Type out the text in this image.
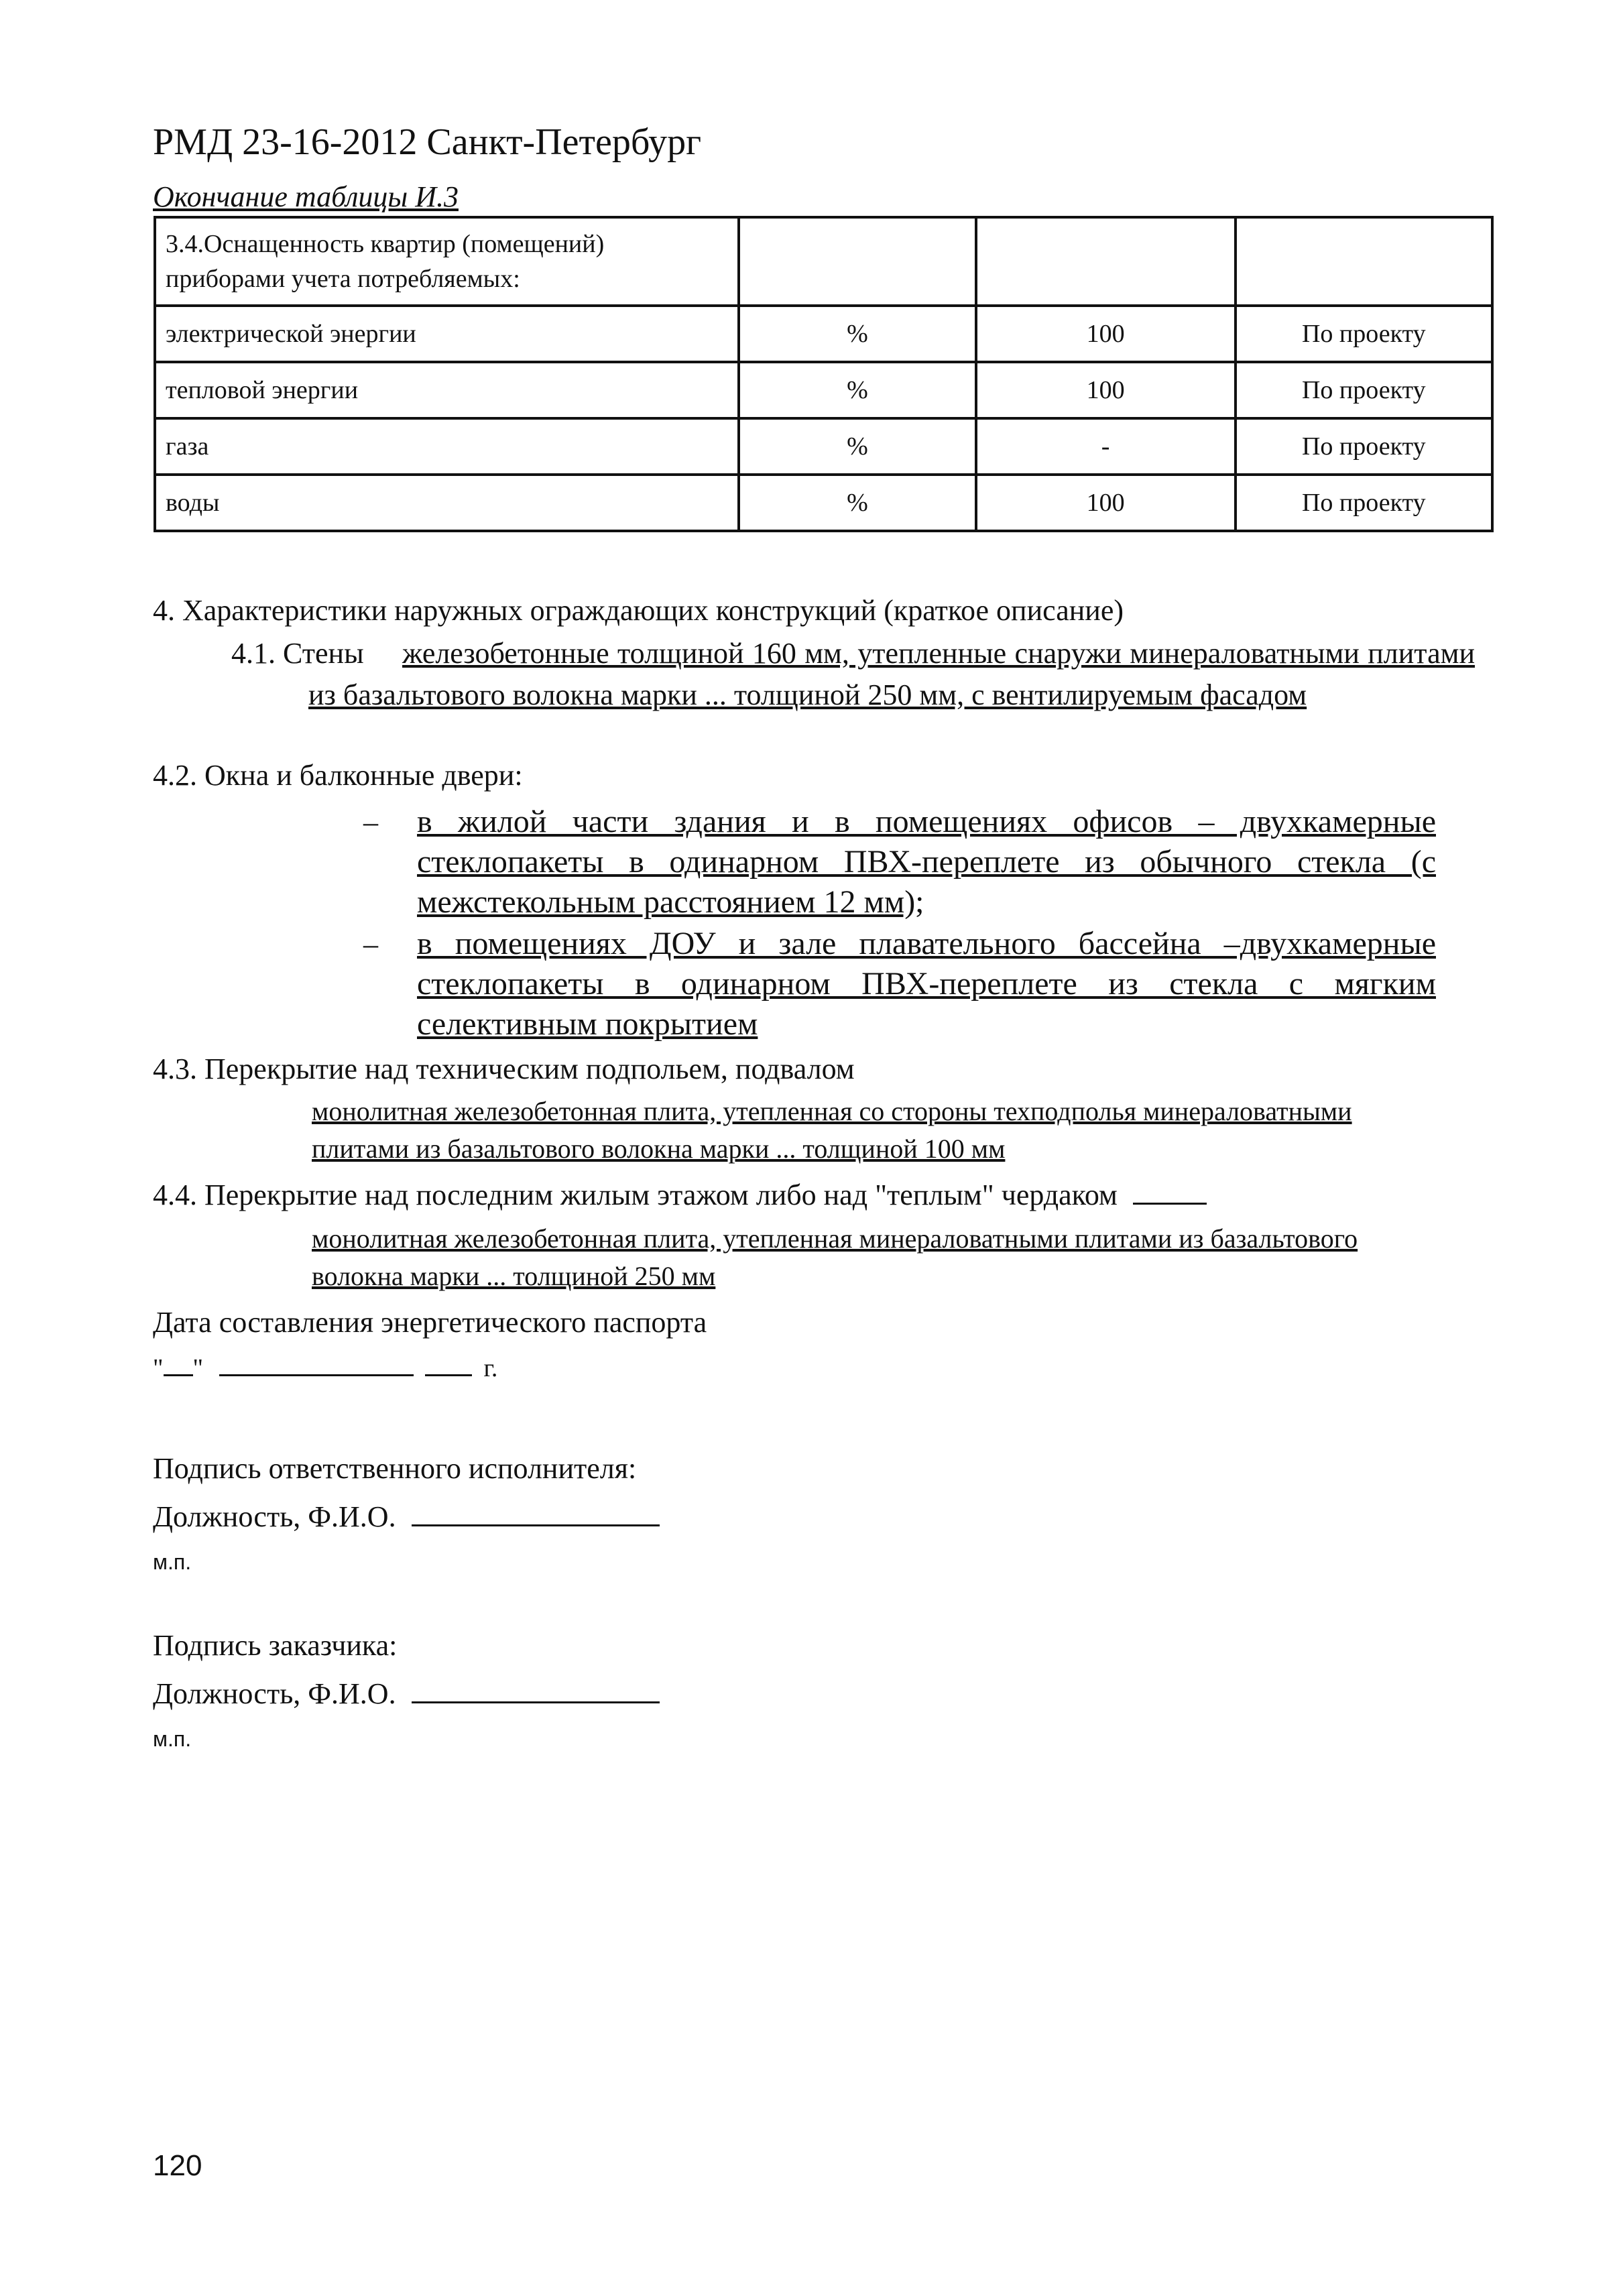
РМД 23-16-2012 Санкт-Петербург
Окончание таблицы И.3
3.4.Оснащенность квартир (помещений) приборами учета потребляемых:			
электрической энергии	%	100	По проекту
тепловой энергии	%	100	По проекту
газа	%	-	По проекту
воды	%	100	По проекту
4. Характеристики наружных ограждающих конструкций (краткое описание)
4.1. Стены	железобетонные толщиной 160 мм, утепленные снаружи минераловатными плитами из базальтового волокна марки ... толщиной 250 мм, с вентилируемым фасадом
4.2. Окна и балконные двери:
– в жилой части здания и в помещениях офисов – двухкамерные стеклопакеты в одинарном ПВХ-переплете из обычного стекла (с межстекольным расстоянием 12 мм);
– в помещениях ДОУ и зале плавательного бассейна –двухкамерные стеклопакеты в одинарном ПВХ-переплете из стекла с мягким селективным покрытием
4.3. Перекрытие над техническим подпольем, подвалом
монолитная железобетонная плита, утепленная со стороны техподполья минераловатными плитами из базальтового волокна марки ... толщиной 100 мм
4.4. Перекрытие над последним жилым этажом либо над "теплым" чердаком
монолитная железобетонная плита, утепленная минераловатными плитами из базальтового волокна марки ... толщиной 250 мм
Дата составления энергетического паспорта
" "	г.
Подпись ответственного исполнителя:
Должность, Ф.И.О.
м.п.
Подпись заказчика:
Должность, Ф.И.О.
м.п.
120
